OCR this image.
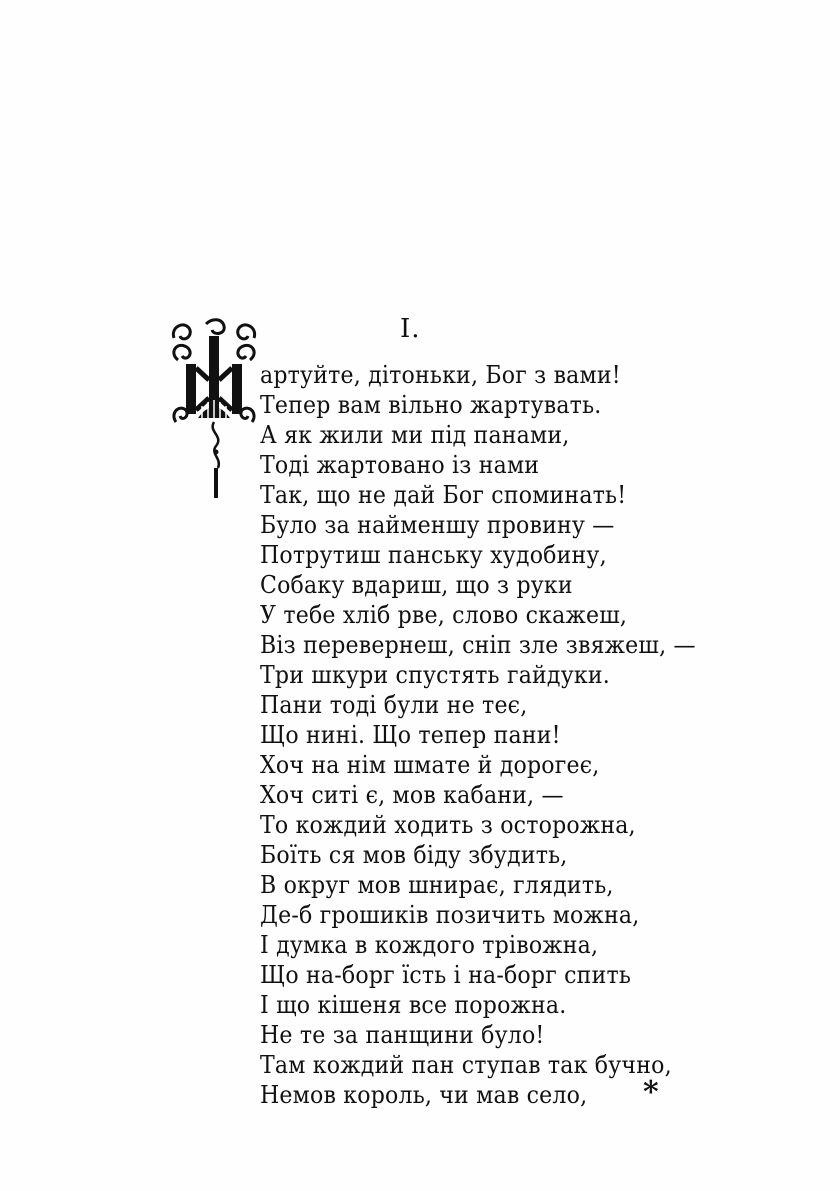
I.
артуйте, дітоньки, Бог з вами!
Тепер вам вільно жартувать.
А як жили ми під панами,
Тоді жартовано із нами
Так, що не дай Бог споминать!
Було за найменшу провину —
Потрутиш панську худобину,
Собаку вдариш, що з руки
У тебе хліб рве, слово скажеш,
Віз перевернеш, сніп зле звяжеш, —
Три шкури спустять гайдуки.
Пани тоді були не теє,
Що нині. Що тепер пани!
Хоч на нім шмате й дорогеє,
Хоч ситі є, мов кабани, —
То кождий ходить з осторожна,
Боїть ся мов біду збудить,
В округ мов шнирає, глядить,
Де-б грошиків позичить можна,
І думка в кождого трівожна,
Що на-борг їсть і на-борг спить
І що кішеня все порожна.
Не те за панщини було!
Там кождий пан ступав так бучно,
Немов король, чи мав село,	*
